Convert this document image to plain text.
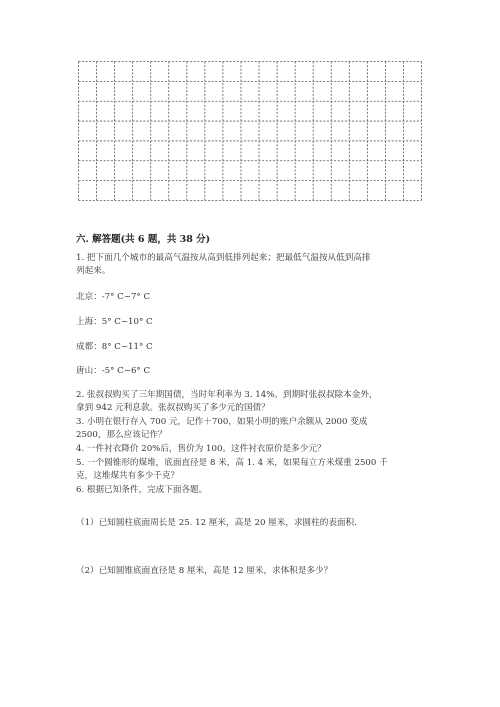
六. 解答题(共 6 题，共 38 分)
1. 把下面几个城市的最高气温按从高到低排列起来；把最低气温按从低到高排
列起来。
北京：-7° C~7° C
上海：5° C~10° C
成都：8° C~11° C
唐山：-5° C~6° C
2. 张叔叔购买了三年期国债，当时年利率为 3. 14%。到期时张叔叔除本金外，
拿到 942 元利息款。张叔叔购买了多少元的国债？
3. 小明在银行存入 700 元，记作＋700，如果小明的账户余额从 2000 变成
2500，那么应该记作？
4. 一件衬衣降价 20%后，售价为 100。这件衬衣原价是多少元？
5. 一个圆锥形的煤堆，底面直径是 8 米，高 1. 4 米，如果每立方米煤重 2500 千
克，这堆煤共有多少千克？
6. 根据已知条件，完成下面各题。
（1）已知圆柱底面周长是 25. 12 厘米，高是 20 厘米，求圆柱的表面积.
（2）已知圆锥底面直径是 8 厘米，高是 12 厘米，求体积是多少？
